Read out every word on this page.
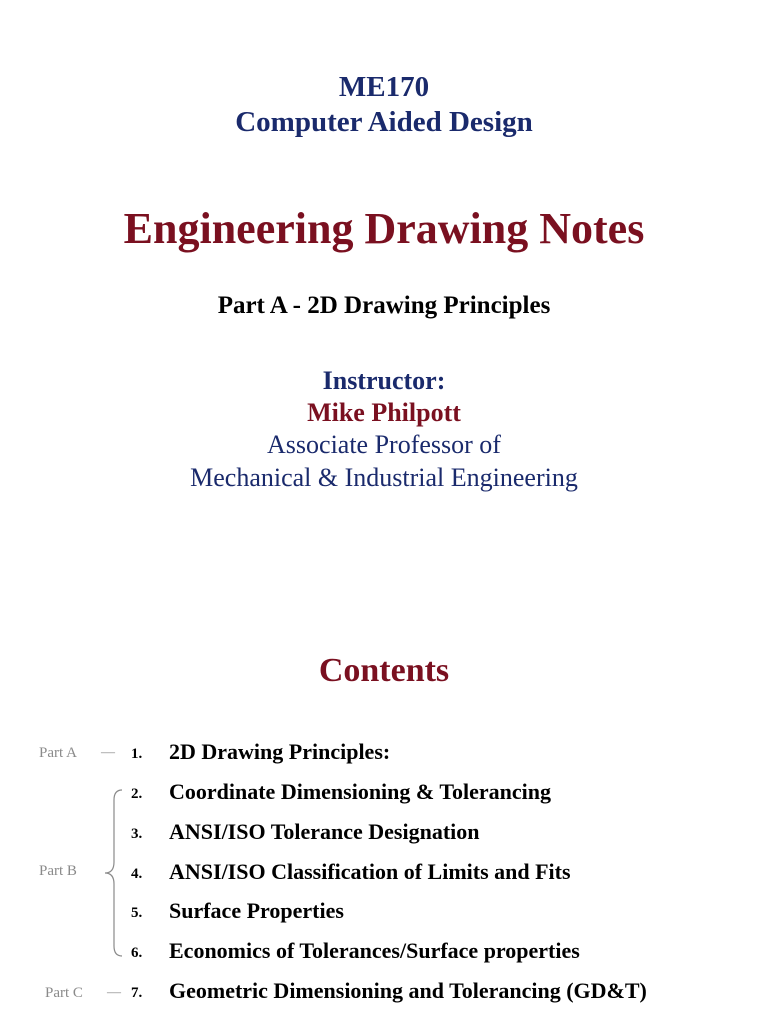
ME170
Computer Aided Design
Engineering Drawing Notes
Part A - 2D Drawing Principles
Instructor:
Mike Philpott
Associate Professor of
Mechanical & Industrial Engineering
Contents
Part A —
Part B
Part C —
1. 2D Drawing Principles:
2. Coordinate Dimensioning & Tolerancing
3. ANSI/ISO Tolerance Designation
4. ANSI/ISO Classification of Limits and Fits
5. Surface Properties
6. Economics of Tolerances/Surface properties
7. Geometric Dimensioning and Tolerancing (GD&T)
